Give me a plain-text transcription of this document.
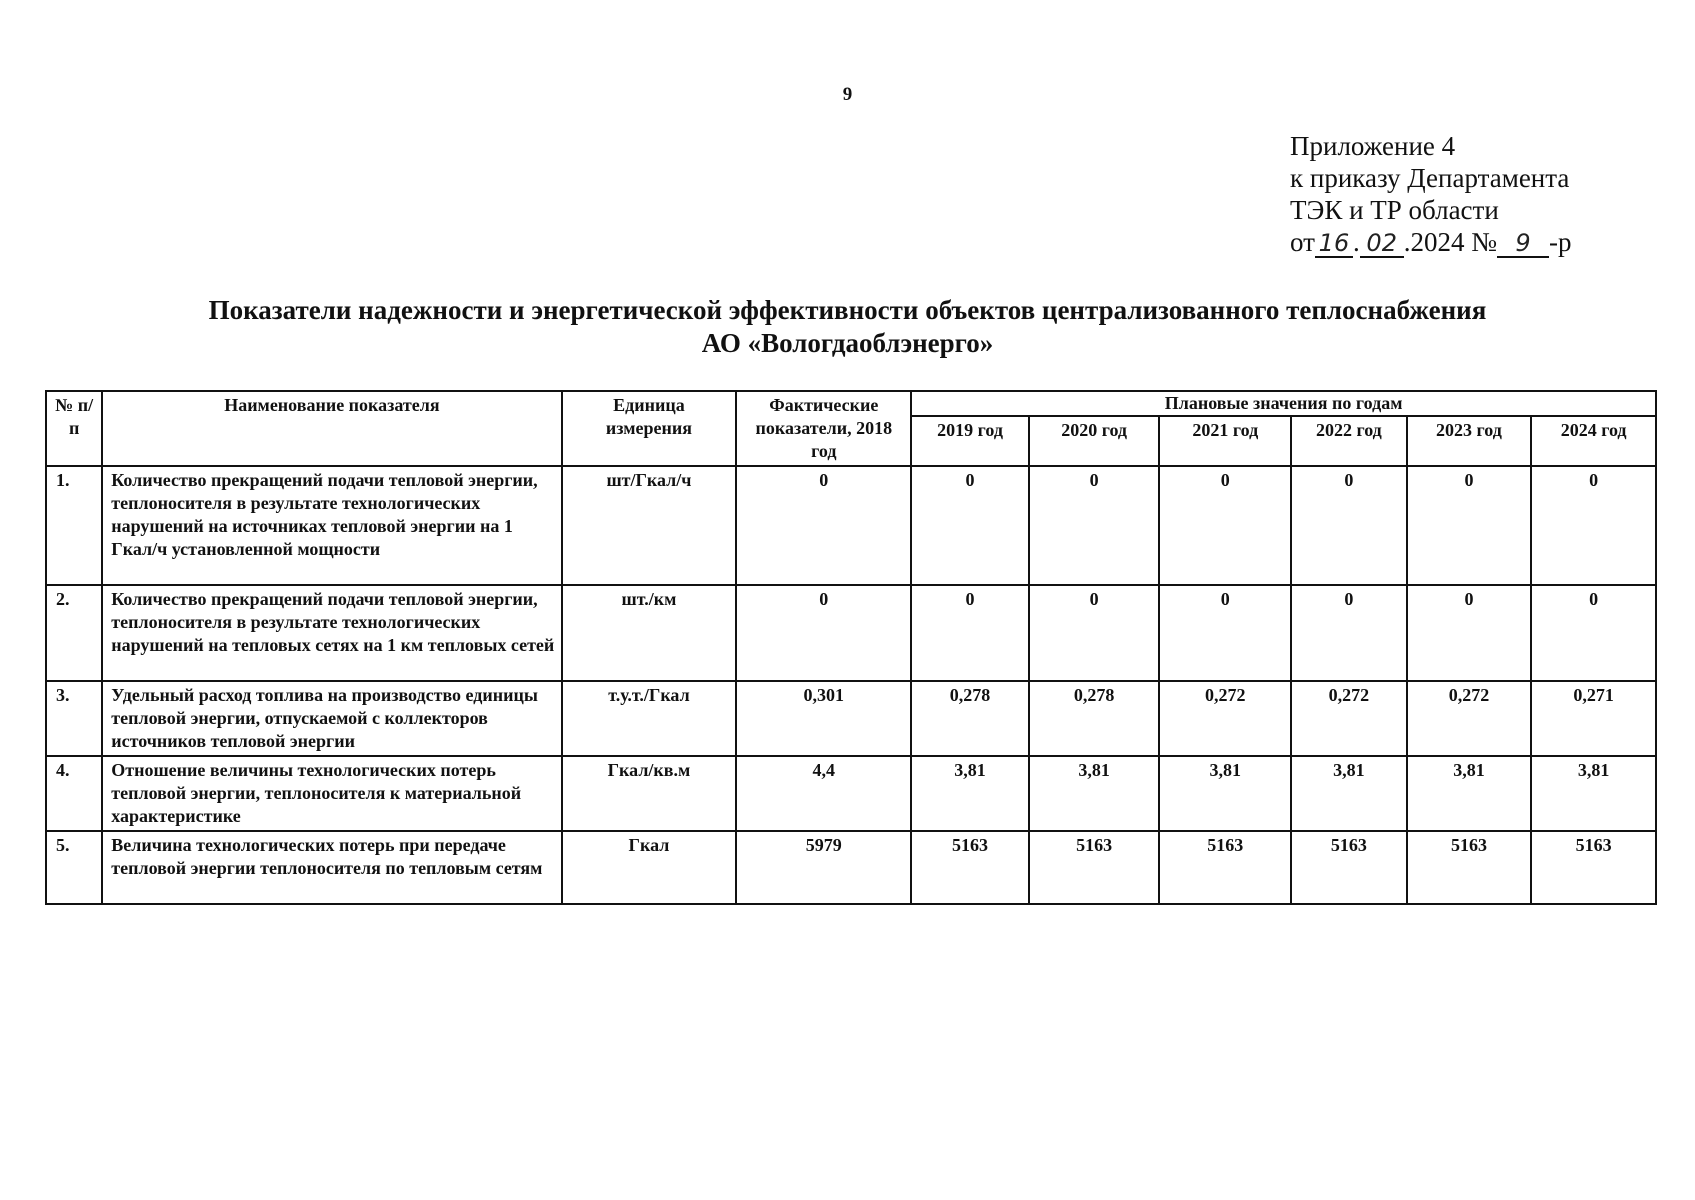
9
Приложение 4
к приказу Департамента
ТЭК и ТР области
от 16 . 02 .2024 № 9 -р
Показатели надежности и энергетической эффективности объектов централизованного теплоснабжения
АО «Вологдаоблэнерго»
№ п/п	Наименование показателя	Единица измерения	Фактические показатели, 2018 год	Плановые значения по годам					
				2019 год	2020 год	2021 год	2022 год	2023 год	2024 год
1.	Количество прекращений подачи тепловой энергии, теплоносителя в результате технологических нарушений на источниках тепловой энергии на 1 Гкал/ч установленной мощности	шт/Гкал/ч	0	0	0	0	0	0	0
2.	Количество прекращений подачи тепловой энергии, теплоносителя в результате технологических нарушений на тепловых сетях на 1 км тепловых сетей	шт./км	0	0	0	0	0	0	0
3.	Удельный расход топлива на производство единицы тепловой энергии, отпускаемой с коллекторов источников тепловой энергии	т.у.т./Гкал	0,301	0,278	0,278	0,272	0,272	0,272	0,271
4.	Отношение величины технологических потерь тепловой энергии, теплоносителя к материальной характеристике	Гкал/кв.м	4,4	3,81	3,81	3,81	3,81	3,81	3,81
5.	Величина технологических потерь при передаче тепловой энергии теплоносителя по тепловым сетям	Гкал	5979	5163	5163	5163	5163	5163	5163
